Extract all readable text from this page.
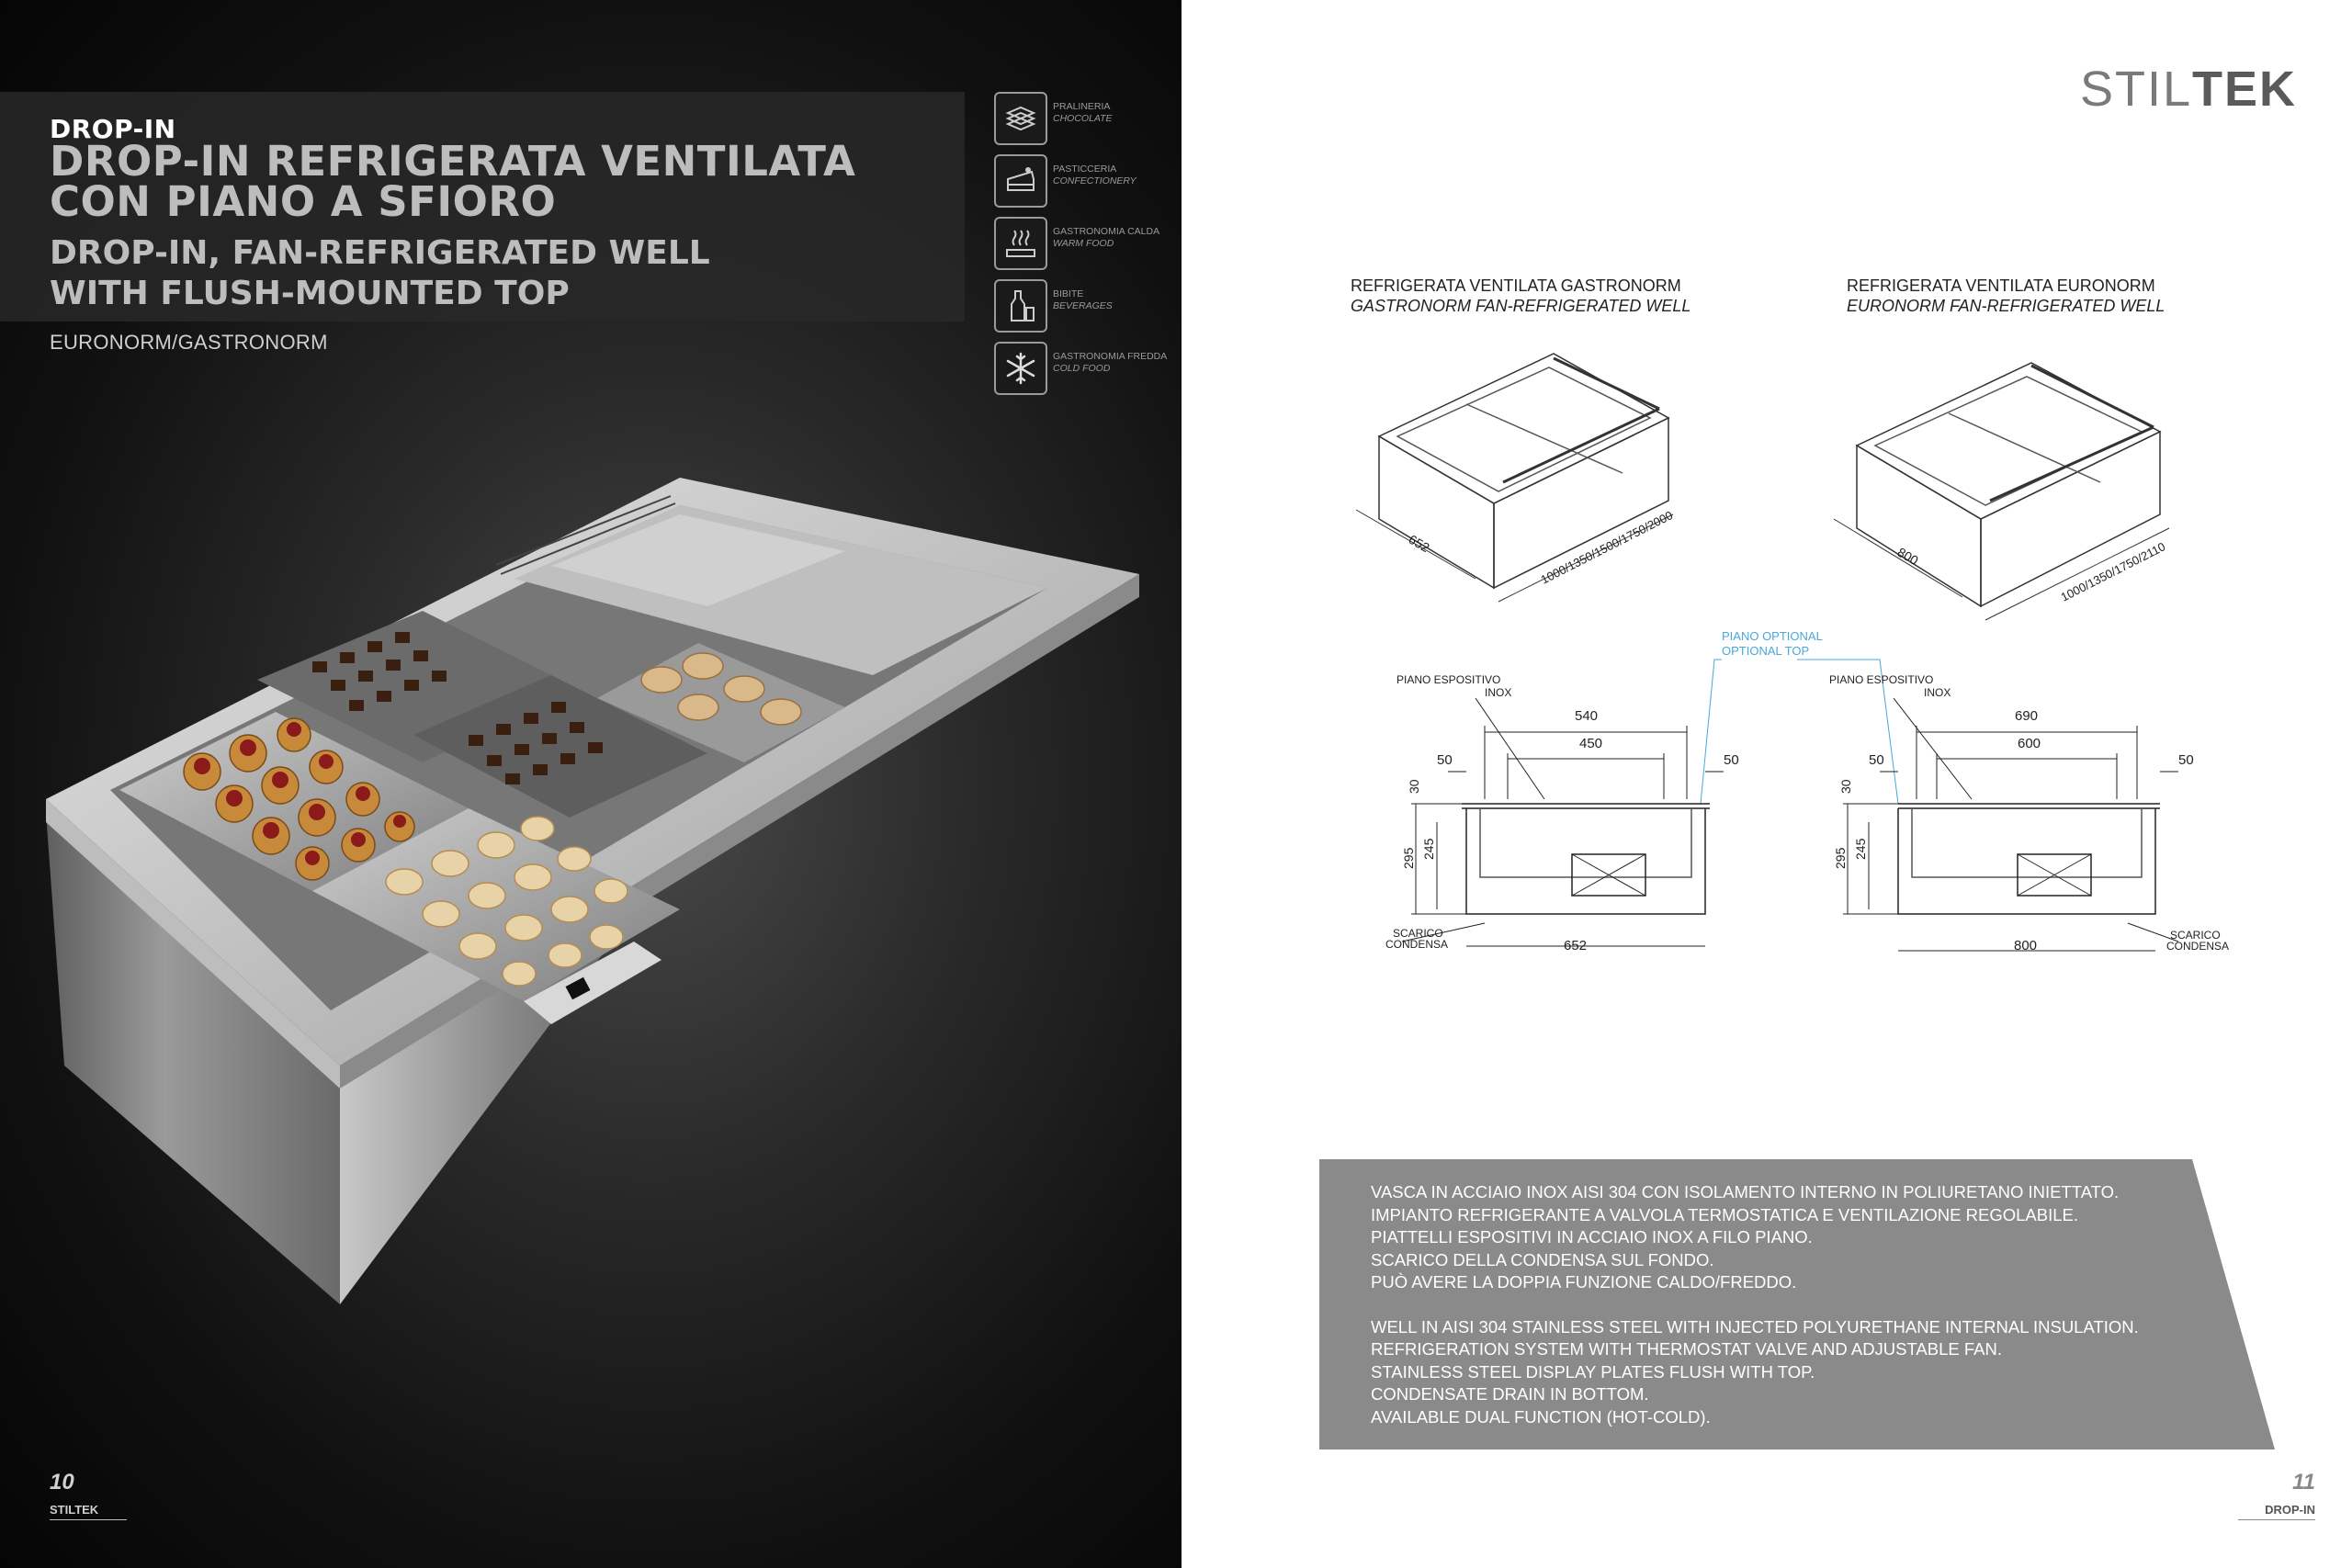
DROP-IN
DROP-IN REFRIGERATA VENTILATA
CON PIANO A SFIORO
DROP-IN, FAN-REFRIGERATED WELL
WITH FLUSH-MOUNTED TOP
EURONORM/GASTRONORM
PRALINERIA
CHOCOLATE
PASTICCERIA
CONFECTIONERY
GASTRONOMIA CALDA
WARM FOOD
BIBITE
BEVERAGES
GASTRONOMIA FREDDA
COLD FOOD
10
STILTEK
STILTEK
REFRIGERATA VENTILATA GASTRONORM
GASTRONORM FAN-REFRIGERATED WELL
REFRIGERATA VENTILATA EURONORM
EURONORM FAN-REFRIGERATED WELL
652	1000/1350/1500/1750/2000	800	1000/1350/1750/2110
PIANO OPTIONAL
OPTIONAL TOP
PIANO ESPOSITIVO
INOX
540
450
50	50
30
295 245
SCARICO
CONDENSA	652
PIANO ESPOSITIVO
INOX
690
600
50	50
30
295 245
SCARICO
CONDENSA
800

VASCA IN ACCIAIO INOX AISI 304 CON ISOLAMENTO INTERNO IN POLIURETANO INIETTATO.
IMPIANTO REFRIGERANTE A VALVOLA TERMOSTATICA E VENTILAZIONE REGOLABILE.
PIATTELLI ESPOSITIVI IN ACCIAIO INOX A FILO PIANO.
SCARICO DELLA CONDENSA SUL FONDO.
PUÒ AVERE LA DOPPIA FUNZIONE CALDO/FREDDO.

WELL IN AISI 304 STAINLESS STEEL WITH INJECTED POLYURETHANE INTERNAL INSULATION.
REFRIGERATION SYSTEM WITH THERMOSTAT VALVE AND ADJUSTABLE FAN.
STAINLESS STEEL DISPLAY PLATES FLUSH WITH TOP.
CONDENSATE DRAIN IN BOTTOM.
AVAILABLE DUAL FUNCTION (HOT-COLD).

11
DROP-IN
